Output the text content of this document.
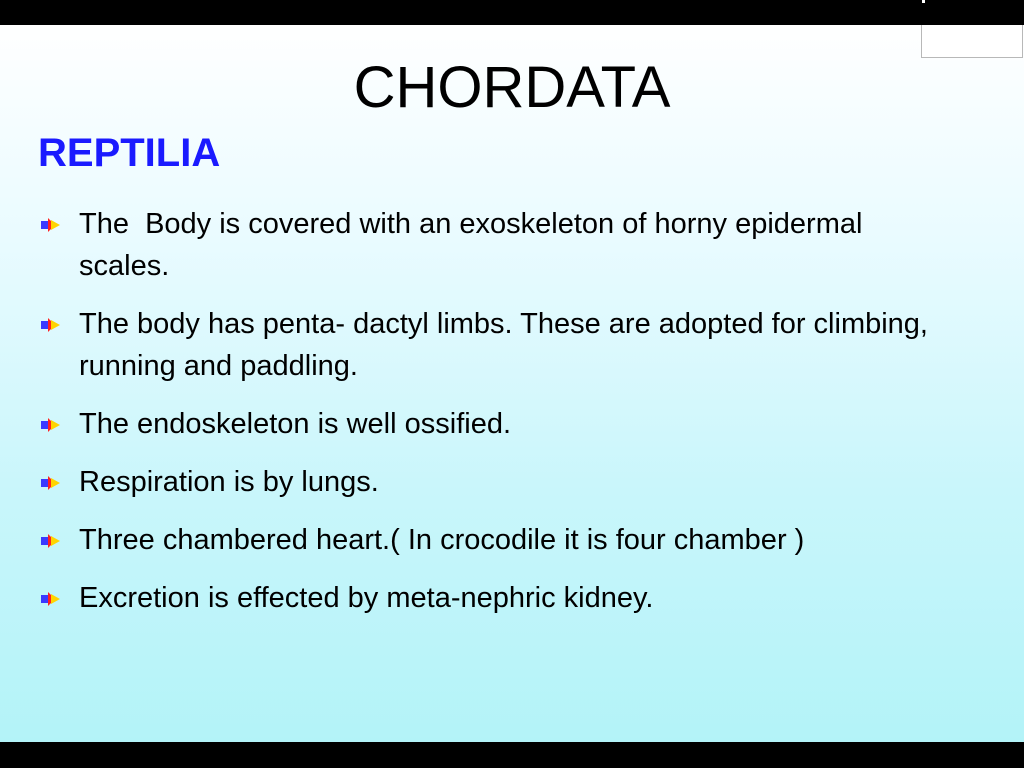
CHORDATA
REPTILIA
The  Body is covered with an exoskeleton of horny epidermal scales.
The body has penta- dactyl limbs. These are adopted for climbing, running and paddling.
The endoskeleton is well ossified.
Respiration is by lungs.
Three chambered heart.( In crocodile it is four chamber )
Excretion is effected by meta-nephric kidney.
